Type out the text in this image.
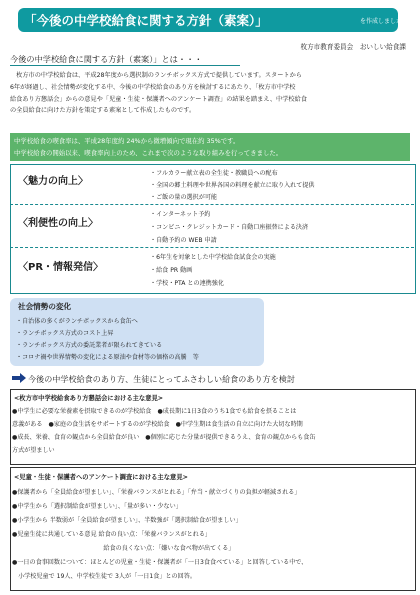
「今後の中学校給食に関する方針（素案）」	を作成しました
枚方市教育委員会　おいしい給食課
今後の中学校給食に関する方針（素案）」とは・・・
　枚方市の中学校給食は、平成28年度から選択制のランチボックス方式で提供しています。スタートから
6年が経過し、社会情勢が変化する中、今後の中学校給食のあり方を検討するにあたり、「枚方市中学校
給食あり方懇話会」からの意見や「児童・生徒・保護者へのアンケート調査」の結果を踏まえ、中学校給食
の全員給食に向けた方針を策定する素案として作成したものです。
中学校給食の喫食率は、平成28年度約 24%から微増傾向で現在約 35%です。
中学校給食の開始以来、喫食率向上のため、これまで次のような取り組みを行ってきました。
〈魅力の向上〉
・フルカラー献立表の全生徒・教職員への配布
・全国の郷土料理や世界各国の料理を献立に取り入れて提供
・ご飯の量の選択が可能
〈利便性の向上〉
・インターネット予約
・コンビニ・クレジットカード・自動口座振替による決済
・自動予約の WEB 申請
〈PR・情報発信〉
・6年生を対象とした中学校給食試食会の実施
・給食 PR 動画
・学校・PTA との連携強化
社会情勢の変化
・自治体の多くがランチボックスから食缶へ
・ランチボックス方式のコスト上昇
・ランチボックス方式の委託業者が限られてきている
・コロナ禍や世界情勢の変化による原油や食材等の価格の高騰　等
今後の中学校給食のあり方、生徒にとってふさわしい給食のあり方を検討
<枚方市中学校給食あり方懇話会における主な意見>
●中学生に必要な栄養素を摂取できるのが学校給食　●成長期に1日3食のうち1食でも給食を摂ることは
意義がある　●家庭の食生活をサポートするのが学校給食　●中学生期は食生活の自立に向けた大切な時期
●成長、栄養、食育の観点から全員給食が良い　●個別に応じた分量が提供できるうえ、食育の観点からも食缶
方式が望ましい
<児童・生徒・保護者へのアンケート調査における主な意見>
●保護者から「全員給食が望ましい」、「栄養バランスがとれる」「弁当・献立づくりの負担が軽減される」
●中学生から「選択制給食が望ましい」、「量が多い・少ない」
●小学生から 半数弱が「全員給食が望ましい」、半数強が「選択制給食が望ましい」
●児童生徒に共通している意見 給食の良い点：「栄養バランスがとれる」
　　　　　　　　　　　　　　　給食の良くない点：「嫌いな食べ物が出てくる」
●一日の食事回数について：ほとんどの児童・生徒・保護者が「一日3食食べている」と回答している中で、
　小学校児童で 19人、中学校生徒で 3人が「一日1食」との回答。
